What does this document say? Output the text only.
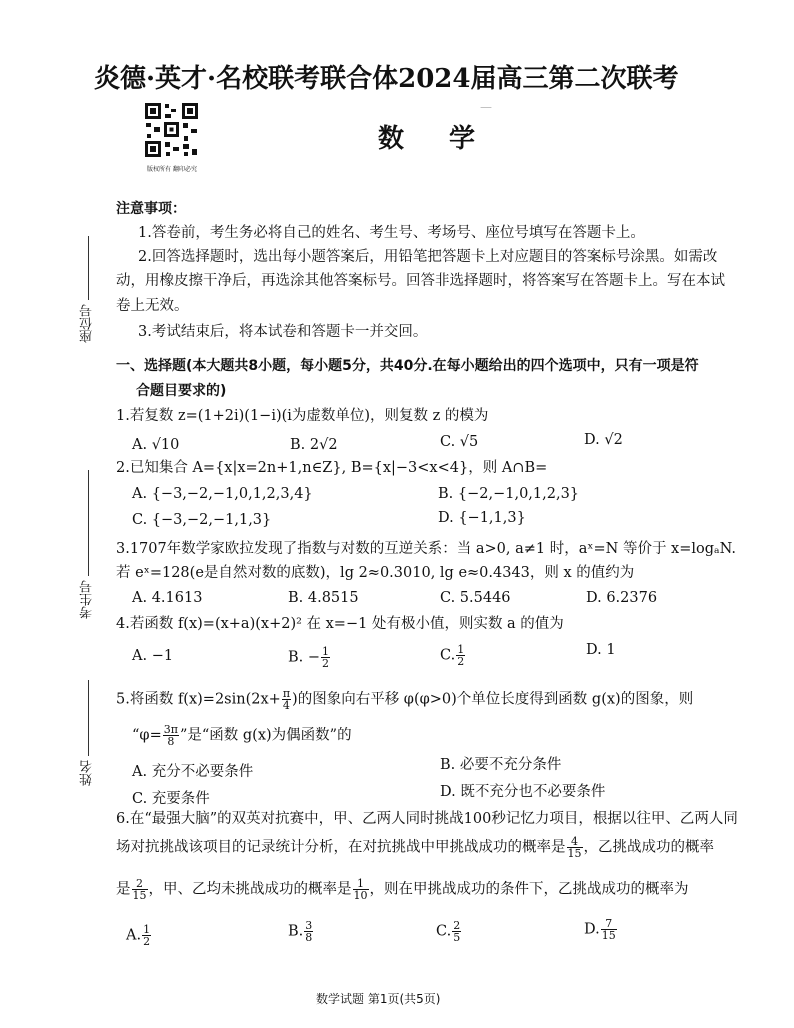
—
版权所有 翻印必究
炎德·英才·名校联考联合体2024届高三第二次联考
数 学
座位号
考生号
姓名
注意事项：
1.答卷前，考生务必将自己的姓名、考生号、考场号、座位号填写在答题卡上。
2.回答选择题时，选出每小题答案后，用铅笔把答题卡上对应题目的答案标号涂黑。如需改
动，用橡皮擦干净后，再选涂其他答案标号。回答非选择题时，将答案写在答题卡上。写在本试
卷上无效。
3.考试结束后，将本试卷和答题卡一并交回。
一、选择题(本大题共8小题，每小题5分，共40分.在每小题给出的四个选项中，只有一项是符
合题目要求的)
1.若复数 z=(1+2i)(1−i)(i为虚数单位)，则复数 z 的模为
A. √10	B. 2√2	C. √5	D. √2
2.已知集合 A={x|x=2n+1,n∈Z}, B={x|−3<x<4}，则 A∩B=
A. {−3,−2,−1,0,1,2,3,4}	B. {−2,−1,0,1,2,3}
C. {−3,−2,−1,1,3}	D. {−1,1,3}
3.1707年数学家欧拉发现了指数与对数的互逆关系：当 a>0, a≠1 时，aˣ=N 等价于 x=logₐN.
若 eˣ=128(e是自然对数的底数)，lg 2≈0.3010, lg e≈0.4343，则 x 的值约为
A. 4.1613	B. 4.8515	C. 5.5446	D. 6.2376
4.若函数 f(x)=(x+a)(x+2)² 在 x=−1 处有极小值，则实数 a 的值为
A. −1	B. − $\frac{1}{2}$	C. $\frac{1}{2}$	D. 1
5.将函数 $f(x)=2\sin(2x+ \frac{\pi}{4}$ )的图象向右平移 φ(φ>0)个单位长度得到函数 g(x)的图象，则
“$\varphi= \frac{3\pi}{8}$ ”是“函数 g(x)为偶函数”的
A. 充分不必要条件	B. 必要不充分条件
C. 充要条件	D. 既不充分也不必要条件
6.在“最强大脑”的双英对抗赛中，甲、乙两人同时挑战100秒记忆力项目，根据以往甲、乙两人同
场对抗挑战该项目的记录统计分析，在对抗挑战中甲挑战成功的概率是 $\frac{4}{15}$ ，乙挑战成功的概率
是 $\frac{2}{15}$ ，甲、乙均未挑战成功的概率是 $\frac{1}{10}$ ，则在甲挑战成功的条件下，乙挑战成功的概率为
A. $\frac{1}{2}$	B. $\frac{3}{8}$	C. $\frac{2}{5}$	D. $\frac{7}{15}$
数学试题 第1页(共5页)
